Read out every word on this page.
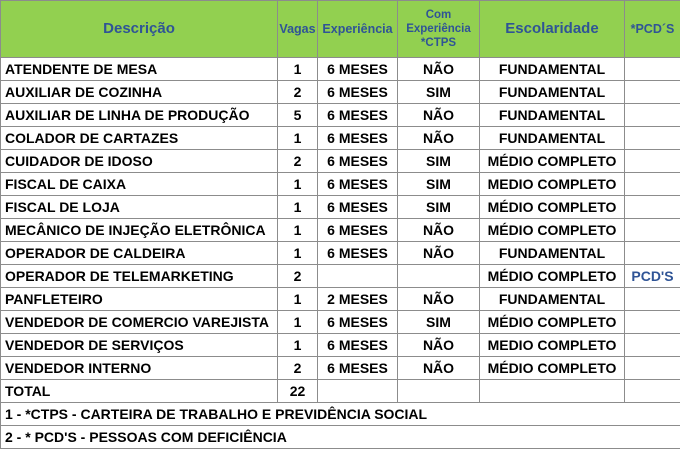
Descrição	Vagas	Experiência	Com Experiência *CTPS	Escolaridade	*PCD´S
ATENDENTE DE MESA	1	6 MESES	NÃO	FUNDAMENTAL	
AUXILIAR DE COZINHA	2	6 MESES	SIM	FUNDAMENTAL	
AUXILIAR DE LINHA DE PRODUÇÃO	5	6 MESES	NÃO	FUNDAMENTAL	
COLADOR DE CARTAZES	1	6 MESES	NÃO	FUNDAMENTAL	
CUIDADOR DE IDOSO	2	6 MESES	SIM	MÉDIO COMPLETO	
FISCAL DE CAIXA	1	6 MESES	SIM	MEDIO COMPLETO	
FISCAL DE LOJA	1	6 MESES	SIM	MÉDIO COMPLETO	
MECÂNICO DE INJEÇÃO ELETRÔNICA	1	6 MESES	NÃO	MÉDIO COMPLETO	
OPERADOR DE CALDEIRA	1	6 MESES	NÃO	FUNDAMENTAL	
OPERADOR DE TELEMARKETING	2			MÉDIO COMPLETO	PCD'S
PANFLETEIRO	1	2 MESES	NÃO	FUNDAMENTAL	
VENDEDOR DE COMERCIO VAREJISTA	1	6 MESES	SIM	MÉDIO COMPLETO	
VENDEDOR DE SERVIÇOS	1	6 MESES	NÃO	MEDIO COMPLETO	
VENDEDOR INTERNO	2	6 MESES	NÃO	MÉDIO COMPLETO	
TOTAL	22				
1 - *CTPS - CARTEIRA DE TRABALHO E PREVIDÊNCIA SOCIAL					
2 - * PCD'S - PESSOAS COM DEFICIÊNCIA					
